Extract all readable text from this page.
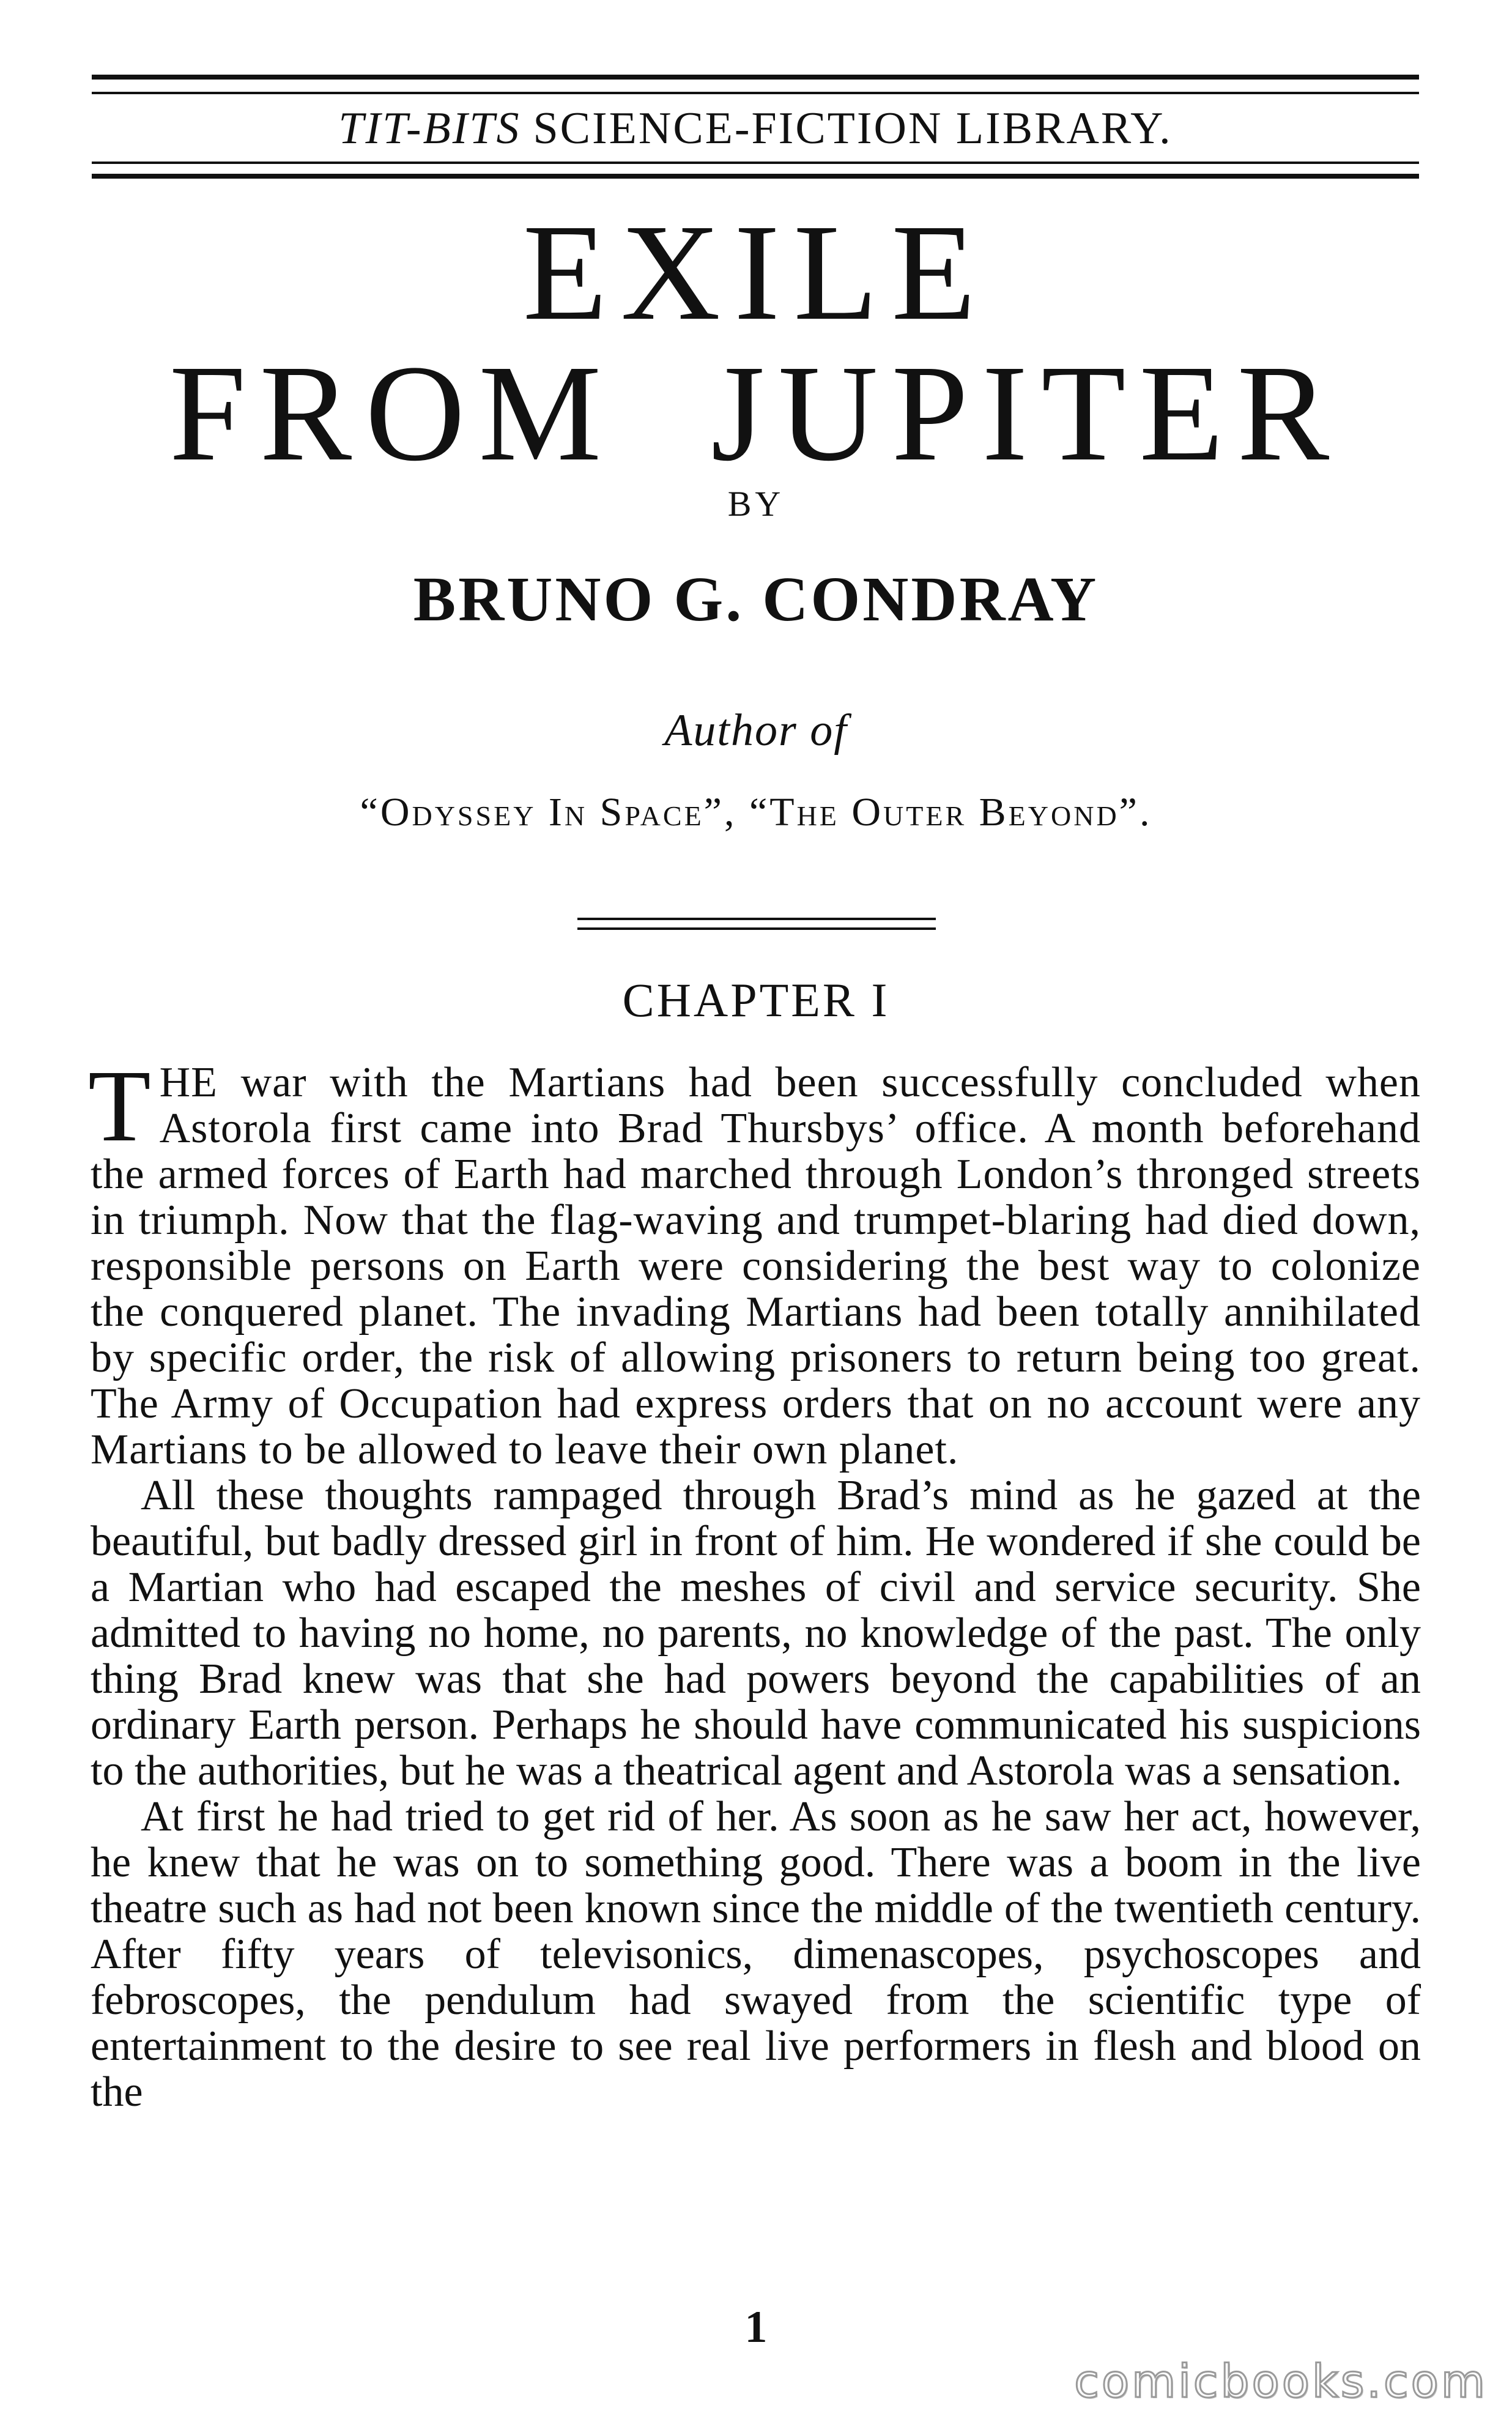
TIT-BITS SCIENCE-FICTION LIBRARY.
EXILE
FROM  JUPITER
BY
BRUNO G. CONDRAY
Author of
“Odyssey In Space”, “The Outer Beyond”.
CHAPTER I

THE war with the Martians had been successfully concluded when Astorola first came into Brad Thursbys’ office. A month beforehand the armed forces of Earth had marched through London’s thronged streets in triumph. Now that the flag-waving and trumpet-blaring had died down, responsible persons on Earth were considering the best way to colonize the conquered planet. The invading Martians had been totally annihilated by specific order, the risk of allowing prisoners to return being too great. The Army of Occupation had express orders that on no account were any Martians to be allowed to leave their own planet.

All these thoughts rampaged through Brad’s mind as he gazed at the beautiful, but badly dressed girl in front of him. He wondered if she could be a Martian who had escaped the meshes of civil and service security. She admitted to having no home, no parents, no knowledge of the past. The only thing Brad knew was that she had powers beyond the capabilities of an ordinary Earth person. Perhaps he should have communicated his suspicions to the authorities, but he was a theatrical agent and Astorola was a sensation.

At first he had tried to get rid of her. As soon as he saw her act, however, he knew that he was on to something good. There was a boom in the live theatre such as had not been known since the middle of the twentieth century. After fifty years of televisonics, dimenascopes, psychoscopes and febroscopes, the pendulum had swayed from the scientific type of entertainment to the desire to see real live performers in flesh and blood on the

1
comicbooks.com
